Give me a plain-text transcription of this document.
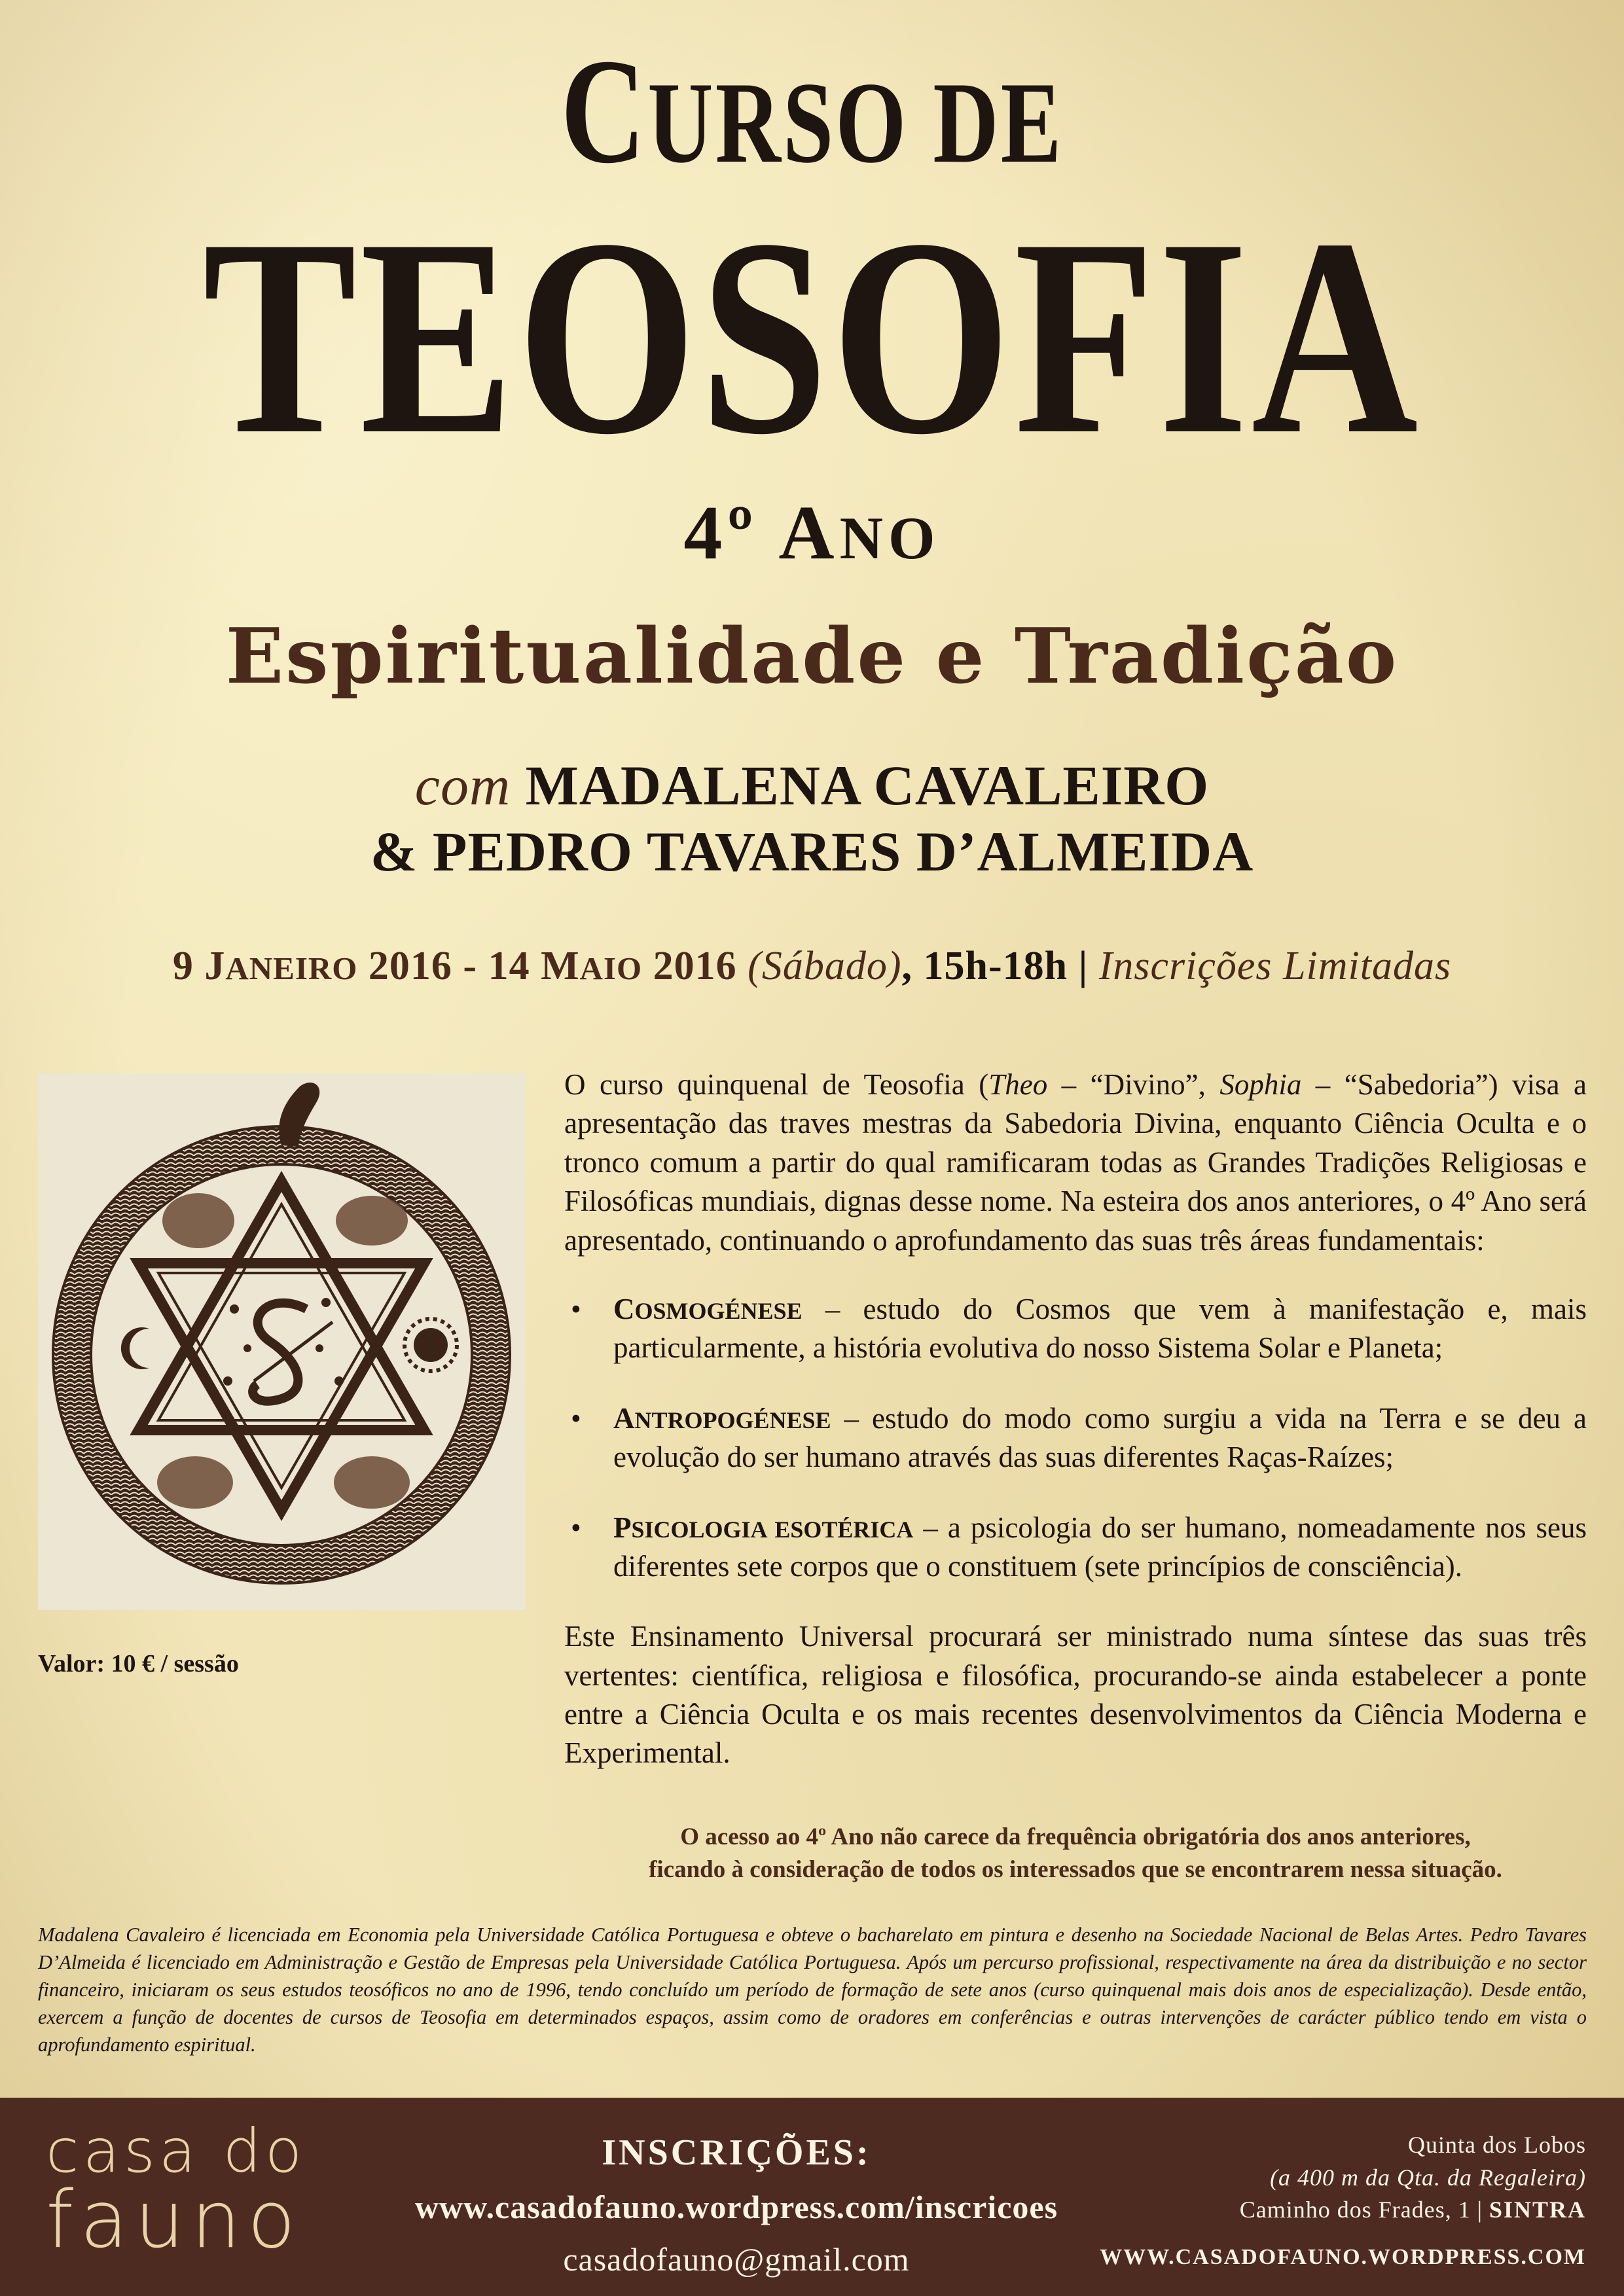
CURSO DE
TEOSOFIA
4º ANO
Espiritualidade e Tradição
com MADALENA CAVALEIRO
& PEDRO TAVARES D’ALMEIDA
9 JANEIRO 2016 - 14 MAIO 2016 (Sábado), 15h-18h | Inscrições Limitadas
Valor: 10 € / sessão

O curso quinquenal de Teosofia (Theo – “Divino”, Sophia – “Sabedoria”) visa a apresentação das traves mestras da Sabedoria Divina, enquanto Ciência Oculta e o tronco comum a partir do qual ramificaram todas as Grandes Tradições Religiosas e Filosóficas mundiais, dignas desse nome. Na esteira dos anos anteriores, o 4º Ano será apresentado, continuando o aprofundamento das suas três áreas fundamentais:

• COSMOGÉNESE – estudo do Cosmos que vem à manifestação e, mais particularmente, a história evolutiva do nosso Sistema Solar e Planeta;
• ANTROPOGÉNESE – estudo do modo como surgiu a vida na Terra e se deu a evolução do ser humano através das suas diferentes Raças-Raízes;
• PSICOLOGIA ESOTÉRICA – a psicologia do ser humano, nomeadamente nos seus diferentes sete corpos que o constituem (sete princípios de consciência).

Este Ensinamento Universal procurará ser ministrado numa síntese das suas três vertentes: científica, religiosa e filosófica, procurando-se ainda estabelecer a ponte entre a Ciência Oculta e os mais recentes desenvolvimentos da Ciência Moderna e Experimental.

O acesso ao 4º Ano não carece da frequência obrigatória dos anos anteriores,
ficando à consideração de todos os interessados que se encontrarem nessa situação.
Madalena Cavaleiro é licenciada em Economia pela Universidade Católica Portuguesa e obteve o bacharelato em pintura e desenho na Sociedade Nacional de Belas Artes. Pedro Tavares D’Almeida é licenciado em Administração e Gestão de Empresas pela Universidade Católica Portuguesa. Após um percurso profissional, respectivamente na área da distribuição e no sector financeiro, iniciaram os seus estudos teosóficos no ano de 1996, tendo concluído um período de formação de sete anos (curso quinquenal mais dois anos de especialização). Desde então, exercem a função de docentes de cursos de Teosofia em determinados espaços, assim como de oradores em conferências e outras intervenções de carácter público tendo em vista o aprofundamento espiritual.
casa do
fauno
INSCRIÇÕES:
www.casadofauno.wordpress.com/inscricoes
casadofauno@gmail.com
Quinta dos Lobos
(a 400 m da Qta. da Regaleira)
Caminho dos Frades, 1 | SINTRA
WWW.CASADOFAUNO.WORDPRESS.COM
